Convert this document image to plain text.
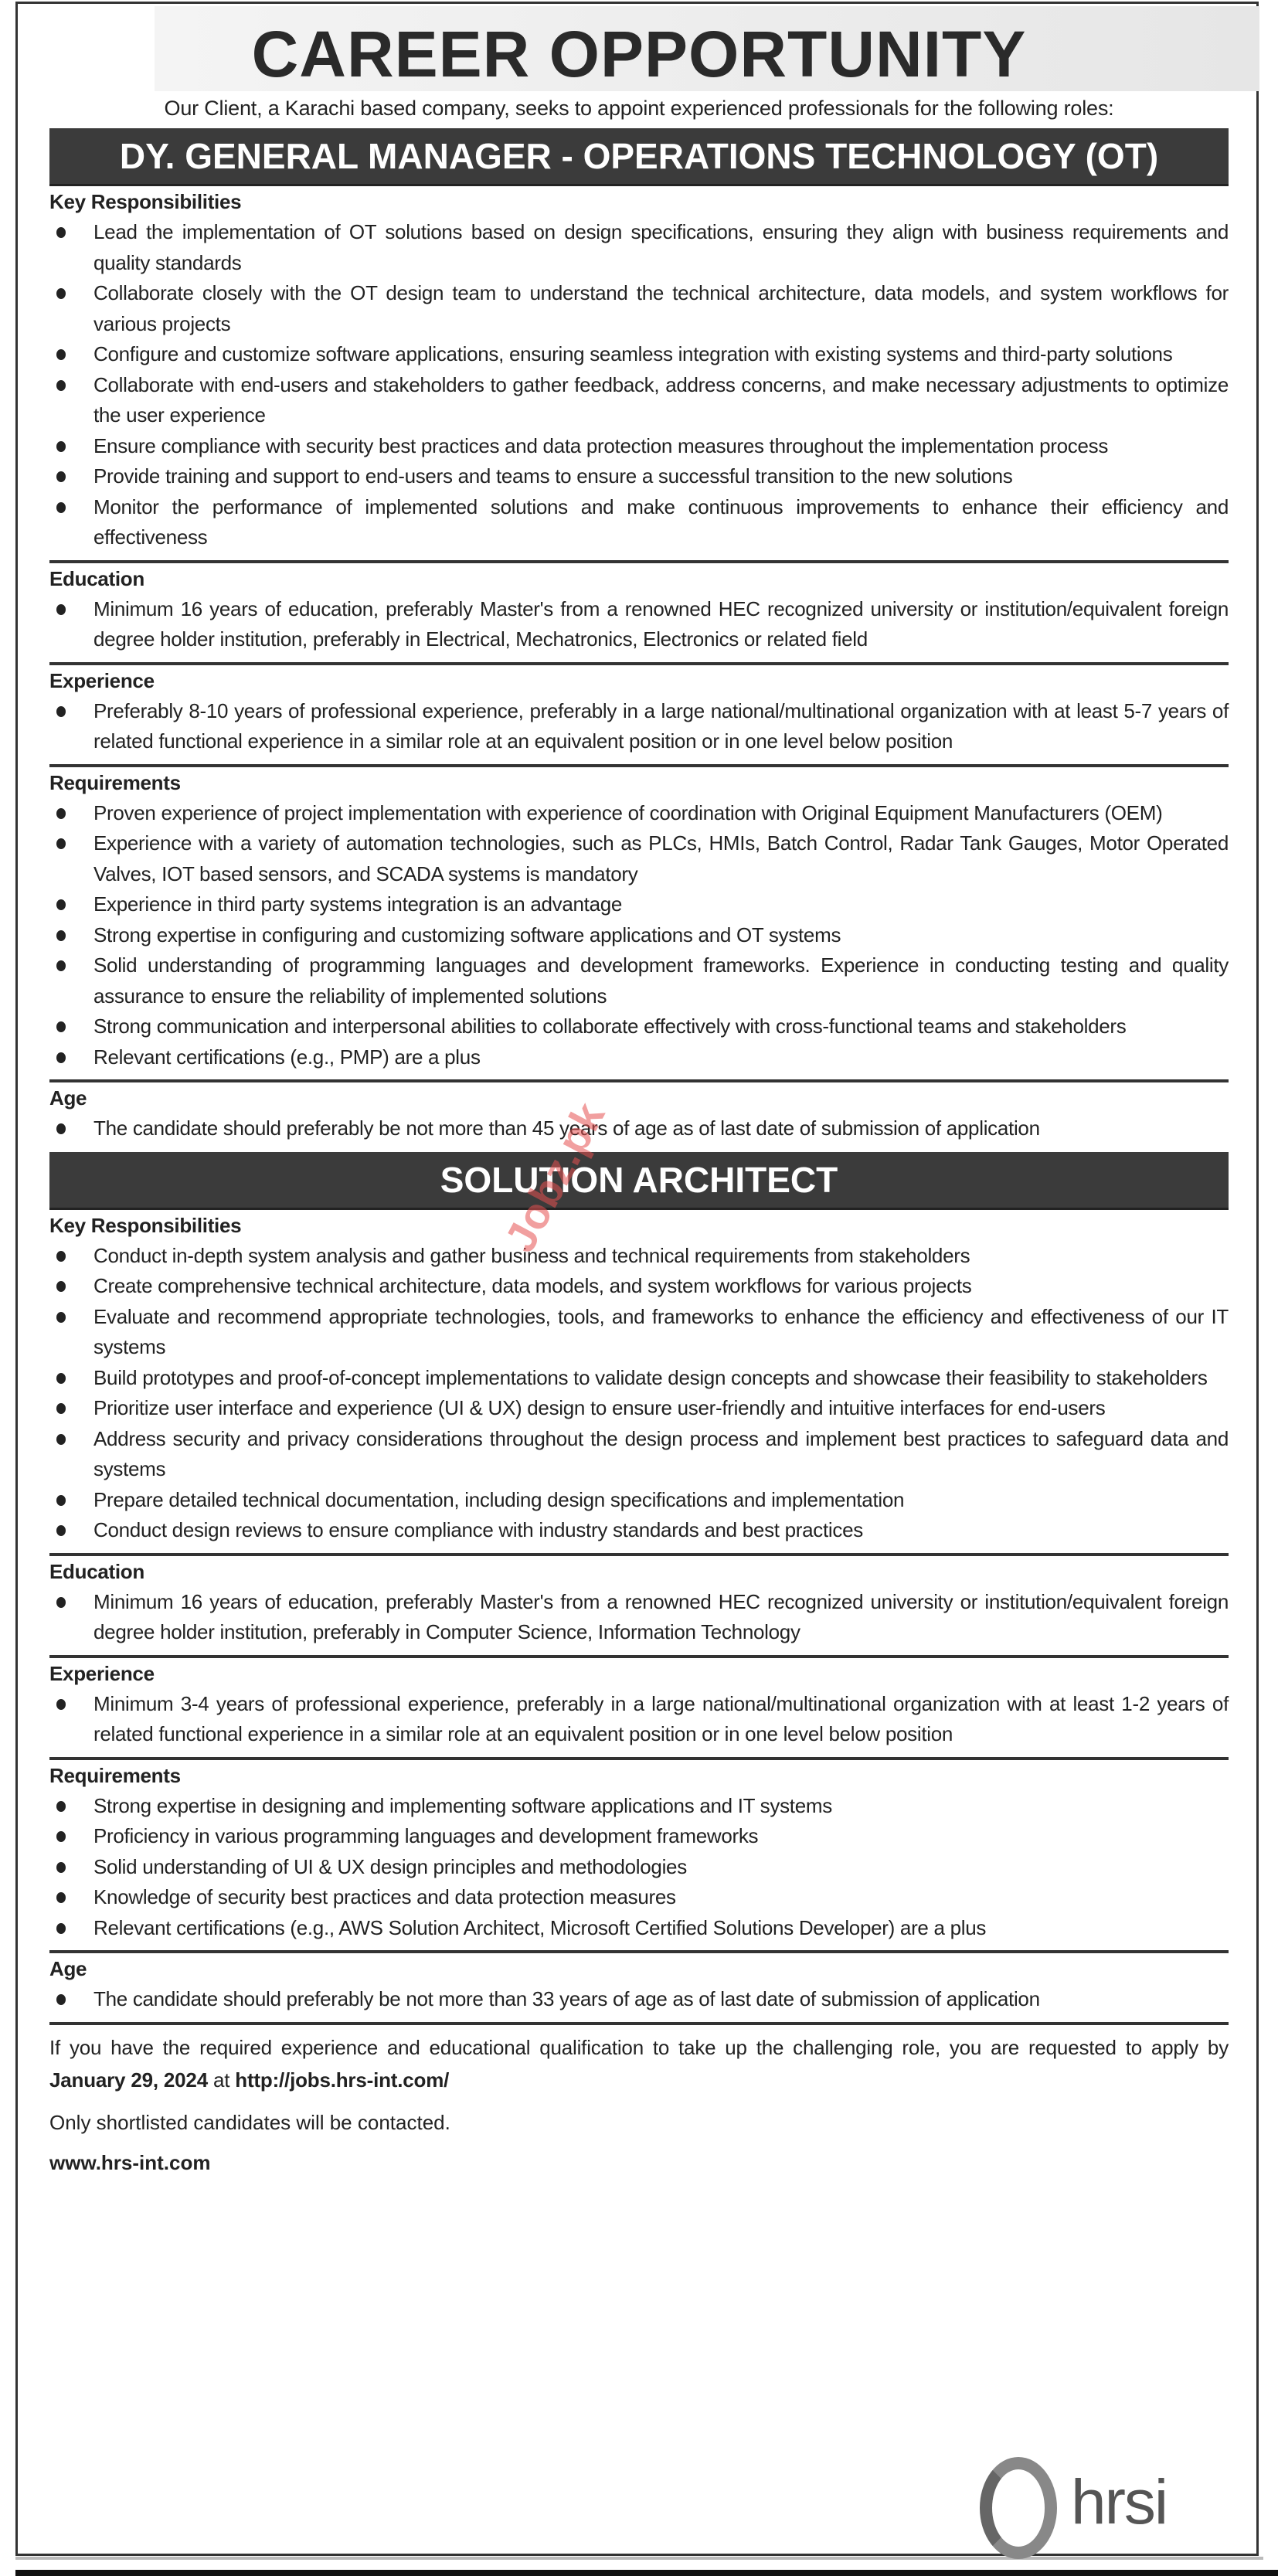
CAREER OPPORTUNITY
Our Client, a Karachi based company, seeks to appoint experienced professionals for the following roles:
DY. GENERAL MANAGER - OPERATIONS TECHNOLOGY (OT)
Key Responsibilities
Lead the implementation of OT solutions based on design specifications, ensuring they align with business requirements and quality standards
Collaborate closely with the OT design team to understand the technical architecture, data models, and system workflows for various projects
Configure and customize software applications, ensuring seamless integration with existing systems and third-party solutions
Collaborate with end-users and stakeholders to gather feedback, address concerns, and make necessary adjustments to optimize the user experience
Ensure compliance with security best practices and data protection measures throughout the implementation process
Provide training and support to end-users and teams to ensure a successful transition to the new solutions
Monitor the performance of implemented solutions and make continuous improvements to enhance their efficiency and effectiveness
Education
Minimum 16 years of education, preferably Master's from a renowned HEC recognized university or institution/equivalent foreign degree holder institution, preferably in Electrical, Mechatronics, Electronics or related field
Experience
Preferably 8-10 years of professional experience, preferably in a large national/multinational organization with at least 5-7 years of related functional experience in a similar role at an equivalent position or in one level below position
Requirements
Proven experience of project implementation with experience of coordination with Original Equipment Manufacturers (OEM)
Experience with a variety of automation technologies, such as PLCs, HMIs, Batch Control, Radar Tank Gauges, Motor Operated Valves, IOT based sensors, and SCADA systems is mandatory
Experience in third party systems integration is an advantage
Strong expertise in configuring and customizing software applications and OT systems
Solid understanding of programming languages and development frameworks. Experience in conducting testing and quality assurance to ensure the reliability of implemented solutions
Strong communication and interpersonal abilities to collaborate effectively with cross-functional teams and stakeholders
Relevant certifications (e.g., PMP) are a plus
Age
The candidate should preferably be not more than 45 years of age as of last date of submission of application
SOLUTION ARCHITECT
Key Responsibilities
Conduct in-depth system analysis and gather business and technical requirements from stakeholders
Create comprehensive technical architecture, data models, and system workflows for various projects
Evaluate and recommend appropriate technologies, tools, and frameworks to enhance the efficiency and effectiveness of our IT systems
Build prototypes and proof-of-concept implementations to validate design concepts and showcase their feasibility to stakeholders
Prioritize user interface and experience (UI & UX) design to ensure user-friendly and intuitive interfaces for end-users
Address security and privacy considerations throughout the design process and implement best practices to safeguard data and systems
Prepare detailed technical documentation, including design specifications and implementation
Conduct design reviews to ensure compliance with industry standards and best practices
Education
Minimum 16 years of education, preferably Master's from a renowned HEC recognized university or institution/equivalent foreign degree holder institution, preferably in Computer Science, Information Technology
Experience
Minimum 3-4 years of professional experience, preferably in a large national/multinational organization with at least 1-2 years of related functional experience in a similar role at an equivalent position or in one level below position
Requirements
Strong expertise in designing and implementing software applications and IT systems
Proficiency in various programming languages and development frameworks
Solid understanding of UI & UX design principles and methodologies
Knowledge of security best practices and data protection measures
Relevant certifications (e.g., AWS Solution Architect, Microsoft Certified Solutions Developer) are a plus
Age
The candidate should preferably be not more than 33 years of age as of last date of submission of application
If you have the required experience and educational qualification to take up the challenging role, you are requested to apply by January 29, 2024 at http://jobs.hrs-int.com/
Only shortlisted candidates will be contacted.
www.hrs-int.com
hrsi
Jobz.pk
